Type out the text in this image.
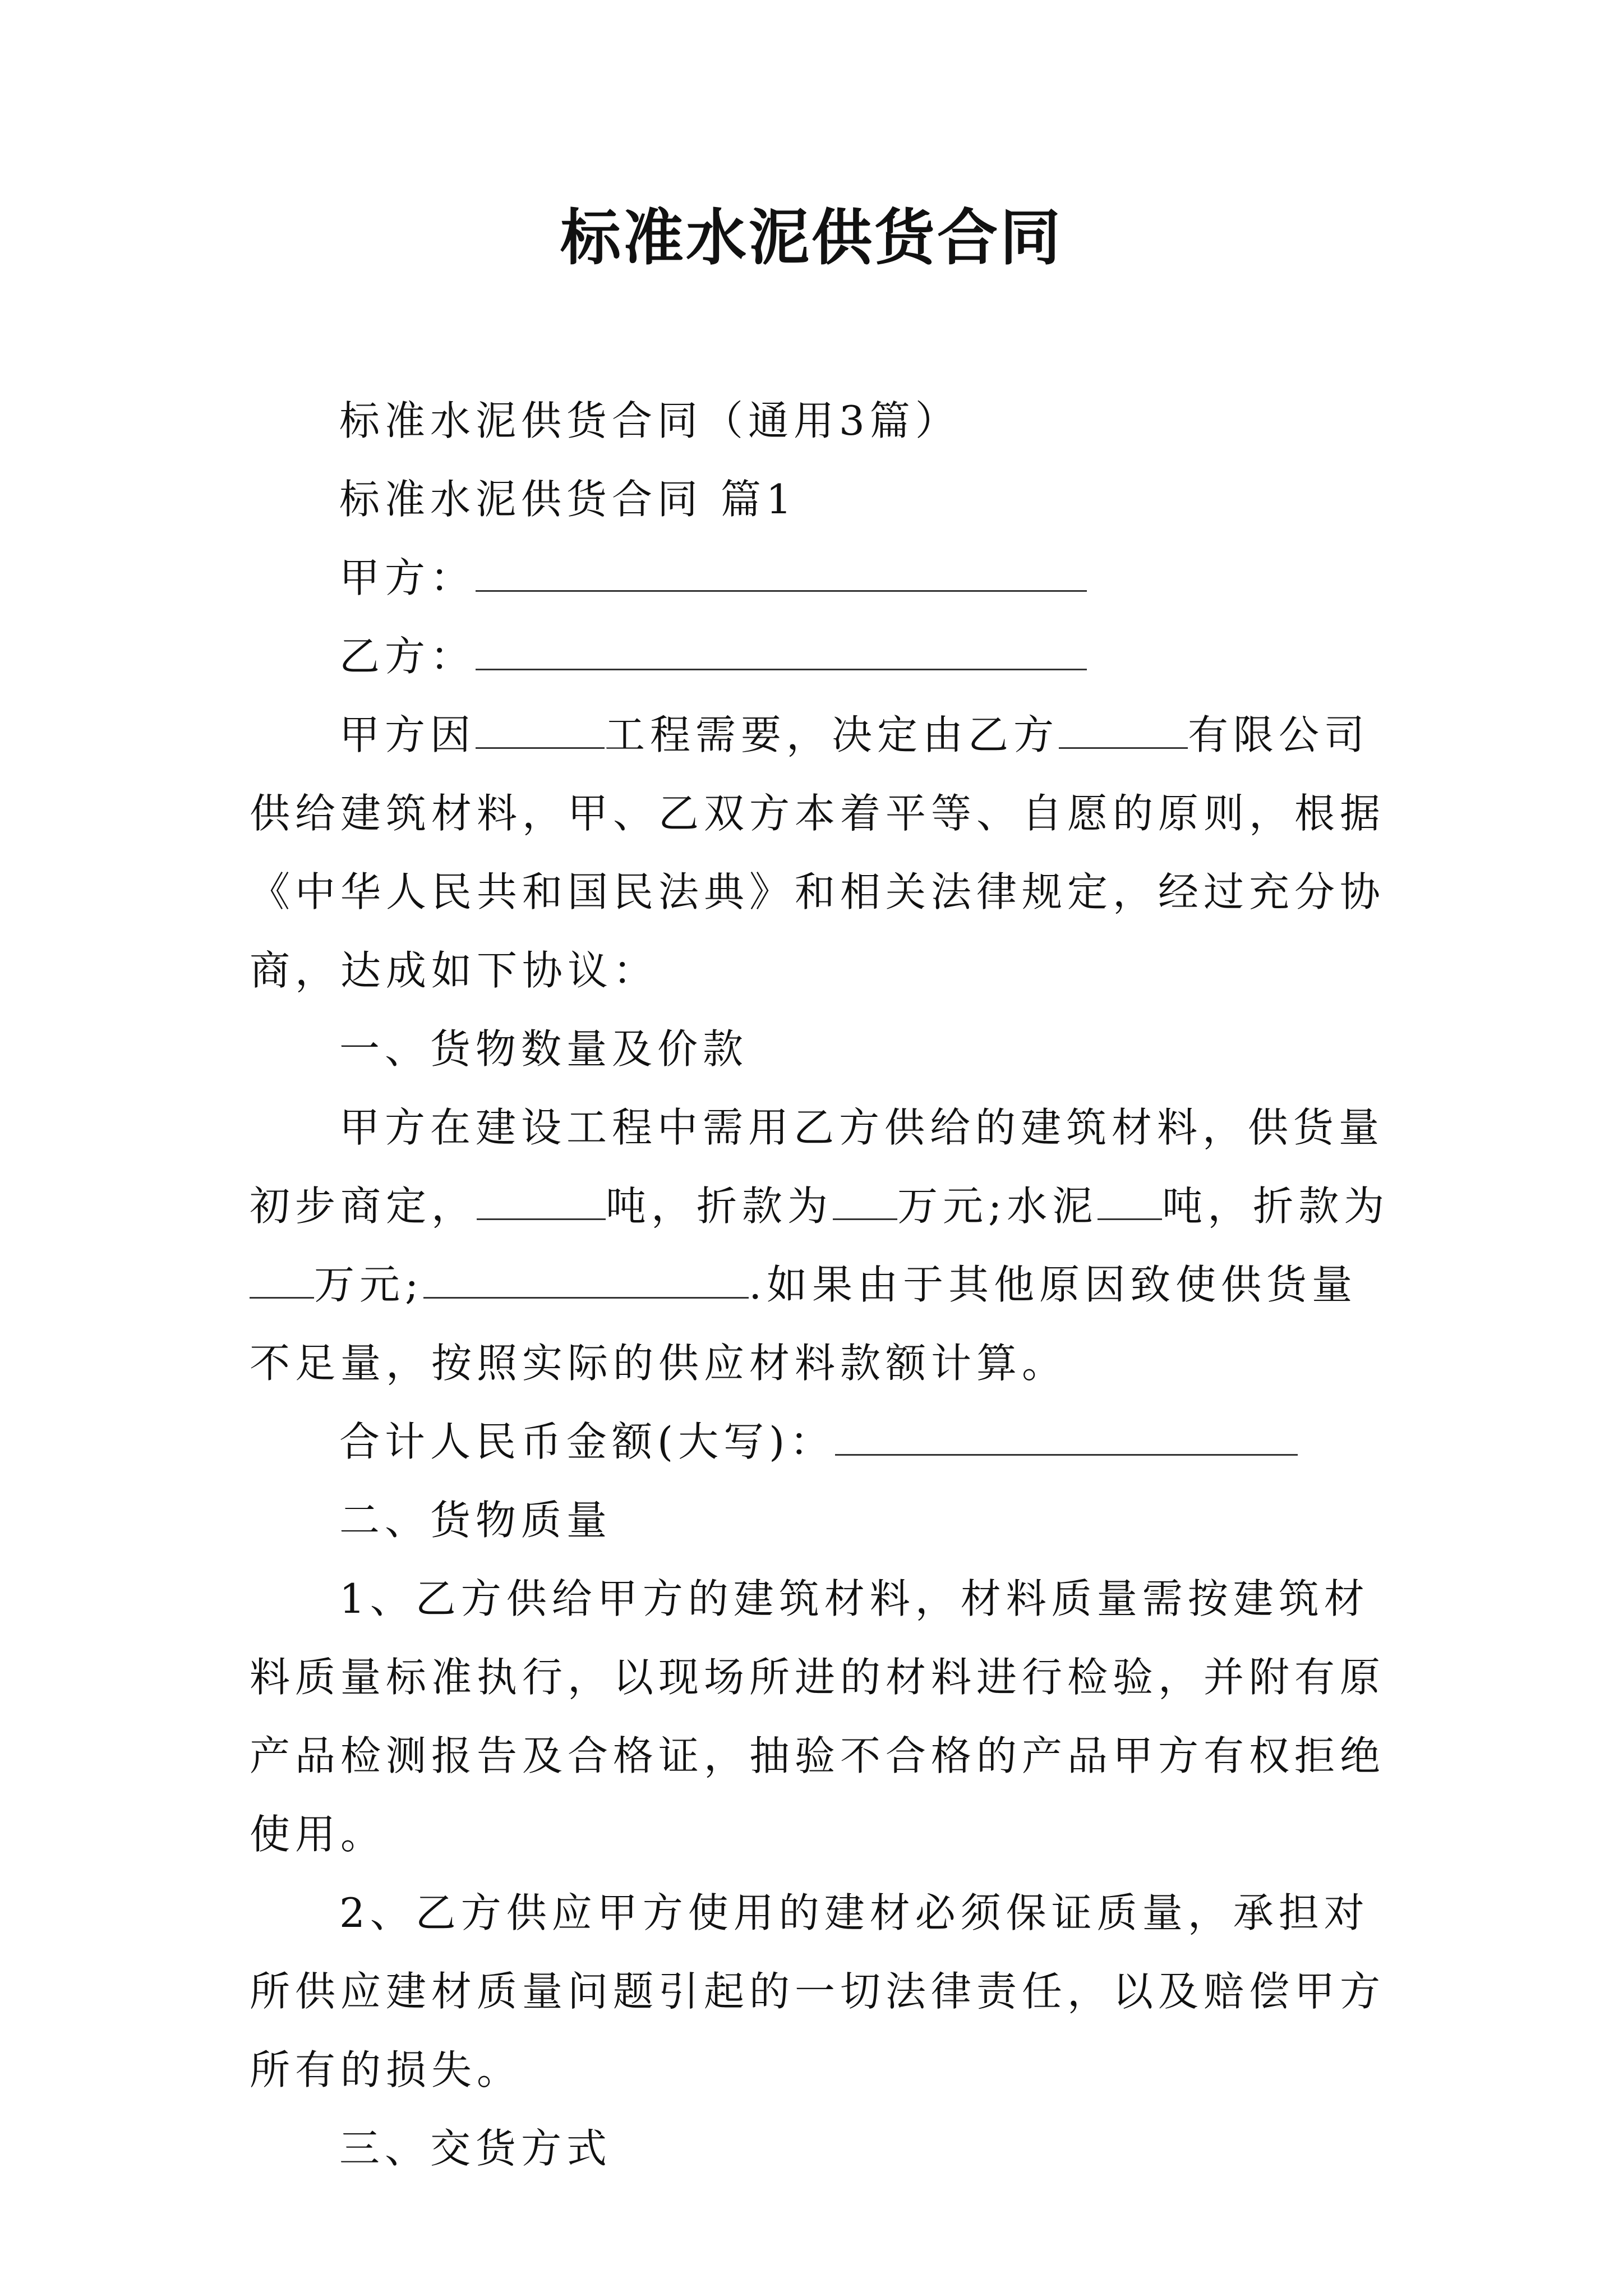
标准水泥供货合同

标准水泥供货合同（通用3篇）

标准水泥供货合同 篇1

甲方：

乙方：

甲方因	工程需要，决定由乙方	有限公司供给建筑材料，甲、乙双方本着平等、自愿的原则，根据《中华人民共和国民法典》和相关法律规定，经过充分协商，达成如下协议：

一、货物数量及价款

甲方在建设工程中需用乙方供给的建筑材料，供货量初步商定，	吨，折款为 万元;水泥 吨，折款为万元;	.如果由于其他原因致使供货量不足量，按照实际的供应材料款额计算。

合计人民币金额(大写)：

二、货物质量

1、乙方供给甲方的建筑材料，材料质量需按建筑材料质量标准执行，以现场所进的材料进行检验，并附有原产品检测报告及合格证，抽验不合格的产品甲方有权拒绝使用。

2、乙方供应甲方使用的建材必须保证质量，承担对所供应建材质量问题引起的一切法律责任，以及赔偿甲方所有的损失。

三、交货方式
